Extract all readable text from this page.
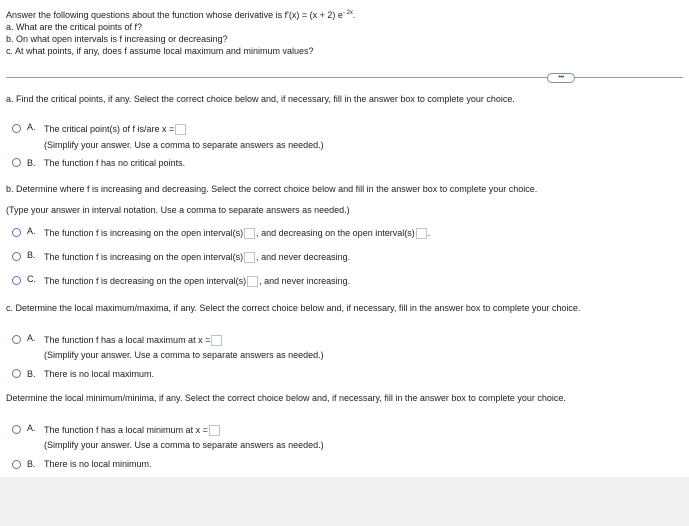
Answer the following questions about the function whose derivative is f'(x) = (x + 2) $e^{- 2x}$.
a. What are the critical points of f?
b. On what open intervals is f increasing or decreasing?
c. At what points, if any, does f assume local maximum and minimum values?
•••
a. Find the critical points, if any. Select the correct choice below and, if necessary, fill in the answer box to complete your choice.
A. The critical point(s) of f is/are x =
(Simplify your answer. Use a comma to separate answers as needed.)
B. The function f has no critical points.
b. Determine where f is increasing and decreasing. Select the correct choice below and fill in the answer box to complete your choice.
(Type your answer in interval notation. Use a comma to separate answers as needed.)
A. The function f is increasing on the open interval(s) , and decreasing on the open interval(s) .
B. The function f is increasing on the open interval(s) , and never decreasing.
C. The function f is decreasing on the open interval(s) , and never increasing.
c. Determine the local maximum/maxima, if any. Select the correct choice below and, if necessary, fill in the answer box to complete your choice.
A. The function f has a local maximum at x =
(Simplify your answer. Use a comma to separate answers as needed.)
B. There is no local maximum.
Determine the local minimum/minima, if any. Select the correct choice below and, if necessary, fill in the answer box to complete your choice.
A. The function f has a local minimum at x =
(Simplify your answer. Use a comma to separate answers as needed.)
B. There is no local minimum.
